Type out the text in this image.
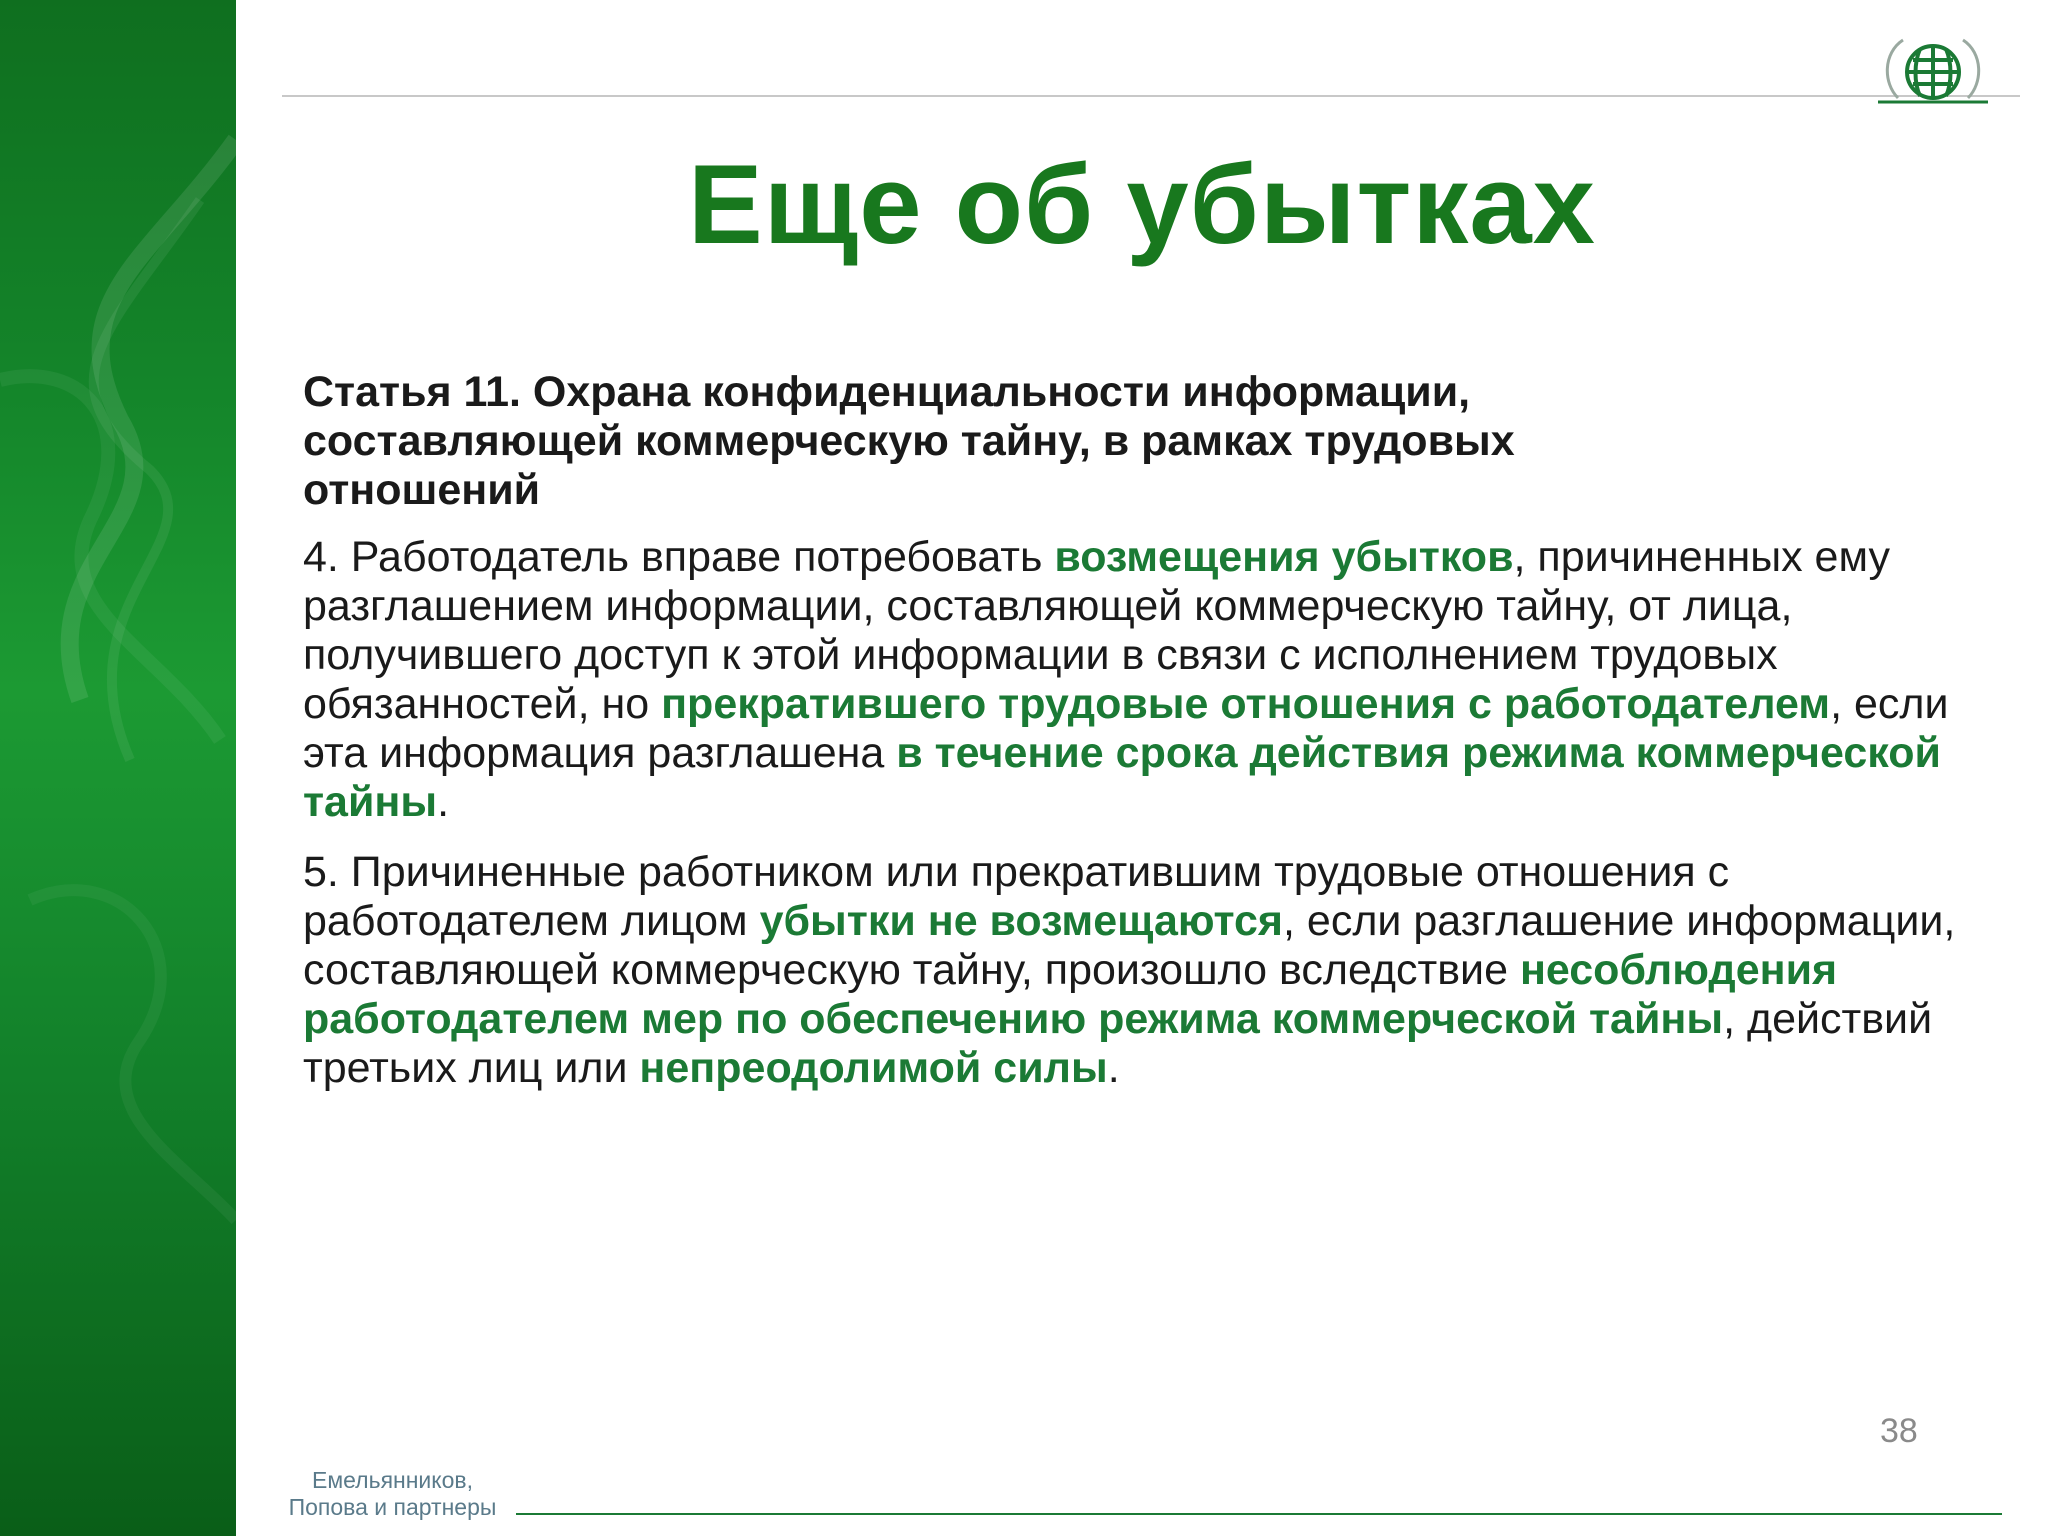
Еще об убытках

Статья 11. Охрана конфиденциальности информации,
составляющей коммерческую тайну, в рамках трудовых
отношений

4. Работодатель вправе потребовать возмещения убытков, причиненных ему разглашением информации, составляющей коммерческую тайну, от лица, получившего доступ к этой информации в связи с исполнением трудовых обязанностей, но прекратившего трудовые отношения с работодателем, если эта информация разглашена в течение срока действия режима коммерческой тайны.

5. Причиненные работником или прекратившим трудовые отношения с работодателем лицом убытки не возмещаются, если разглашение информации, составляющей коммерческую тайну, произошло вследствие несоблюдения работодателем мер по обеспечению режима коммерческой тайны, действий третьих лиц или непреодолимой силы.

38
Емельянников,
Попова и партнеры
